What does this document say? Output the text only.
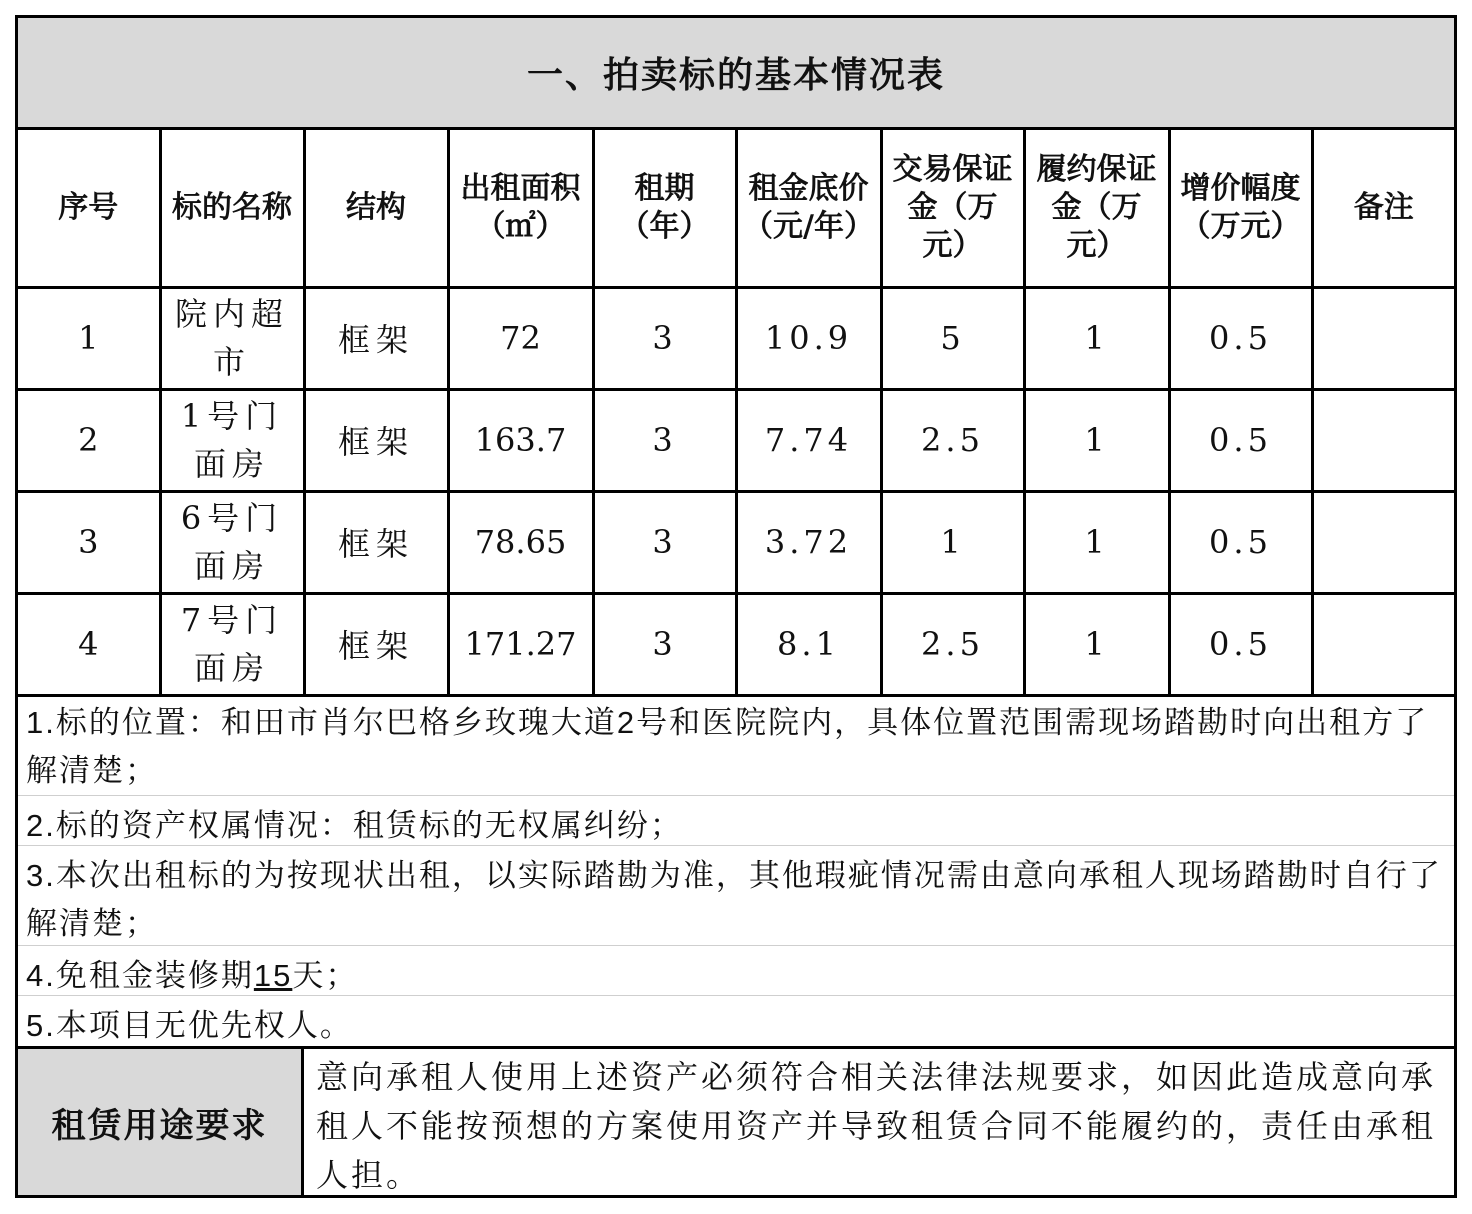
一、拍卖标的基本情况表
序号	标的名称	结构	出租面积（㎡）	租期（年）	租金底价（元/年）	交易保证金（万元）	履约保证金（万元）	增价幅度（万元）	备注
1	院内超市	框架	72	3	10.9	5	1	0.5	
2	1号门面房	框架	163.7	3	7.74	2.5	1	0.5	
3	6号门面房	框架	78.65	3	3.72	1	1	0.5	
4	7号门面房	框架	171.27	3	8.1	2.5	1	0.5	
1.标的位置：和田市肖尔巴格乡玫瑰大道2号和医院院内，具体位置范围需现场踏勘时向出租方了解清楚；
2.标的资产权属情况：租赁标的无权属纠纷；
3.本次出租标的为按现状出租，以实际踏勘为准，其他瑕疵情况需由意向承租人现场踏勘时自行了解清楚；
4.免租金装修期15天；
5.本项目无优先权人。
租赁用途要求
意向承租人使用上述资产必须符合相关法律法规要求，如因此造成意向承租人不能按预想的方案使用资产并导致租赁合同不能履约的，责任由承租人担。
